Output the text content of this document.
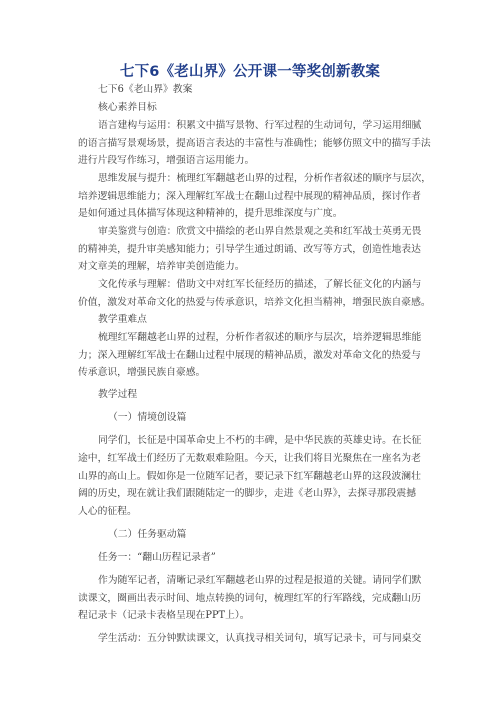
七下6《老山界》公开课一等奖创新教案
七下6《老山界》教案
核心素养目标
语言建构与运用：积累文中描写景物、行军过程的生动词句，学习运用细腻
的语言描写景观场景，提高语言表达的丰富性与准确性；能够仿照文中的描写手法
进行片段写作练习，增强语言运用能力。
思维发展与提升：梳理红军翻越老山界的过程，分析作者叙述的顺序与层次，
培养逻辑思维能力；深入理解红军战士在翻山过程中展现的精神品质，探讨作者
是如何通过具体描写体现这种精神的，提升思维深度与广度。
审美鉴赏与创造：欣赏文中描绘的老山界自然景观之美和红军战士英勇无畏
的精神美，提升审美感知能力；引导学生通过朗诵、改写等方式，创造性地表达
对文章美的理解，培养审美创造能力。
文化传承与理解：借助文中对红军长征经历的描述，了解长征文化的内涵与
价值，激发对革命文化的热爱与传承意识，培养文化担当精神，增强民族自豪感。
教学重难点
梳理红军翻越老山界的过程，分析作者叙述的顺序与层次，培养逻辑思维能
力；深入理解红军战士在翻山过程中展现的精神品质，激发对革命文化的热爱与
传承意识，增强民族自豪感。
教学过程
（一）情境创设篇
同学们，长征是中国革命史上不朽的丰碑，是中华民族的英雄史诗。在长征
途中，红军战士们经历了无数艰难险阻。今天，让我们将目光聚焦在一座名为老
山界的高山上。假如你是一位随军记者，要记录下红军翻越老山界的这段波澜壮
阔的历史，现在就让我们跟随陆定一的脚步，走进《老山界》，去探寻那段震撼
人心的征程。
（二）任务驱动篇
任务一：“翻山历程记录者”
作为随军记者，清晰记录红军翻越老山界的过程是报道的关键。请同学们默
读课文，圈画出表示时间、地点转换的词句，梳理红军的行军路线，完成翻山历
程记录卡（记录卡表格呈现在PPT上）。
学生活动：五分钟默读课文，认真找寻相关词句，填写记录卡，可与同桌交
